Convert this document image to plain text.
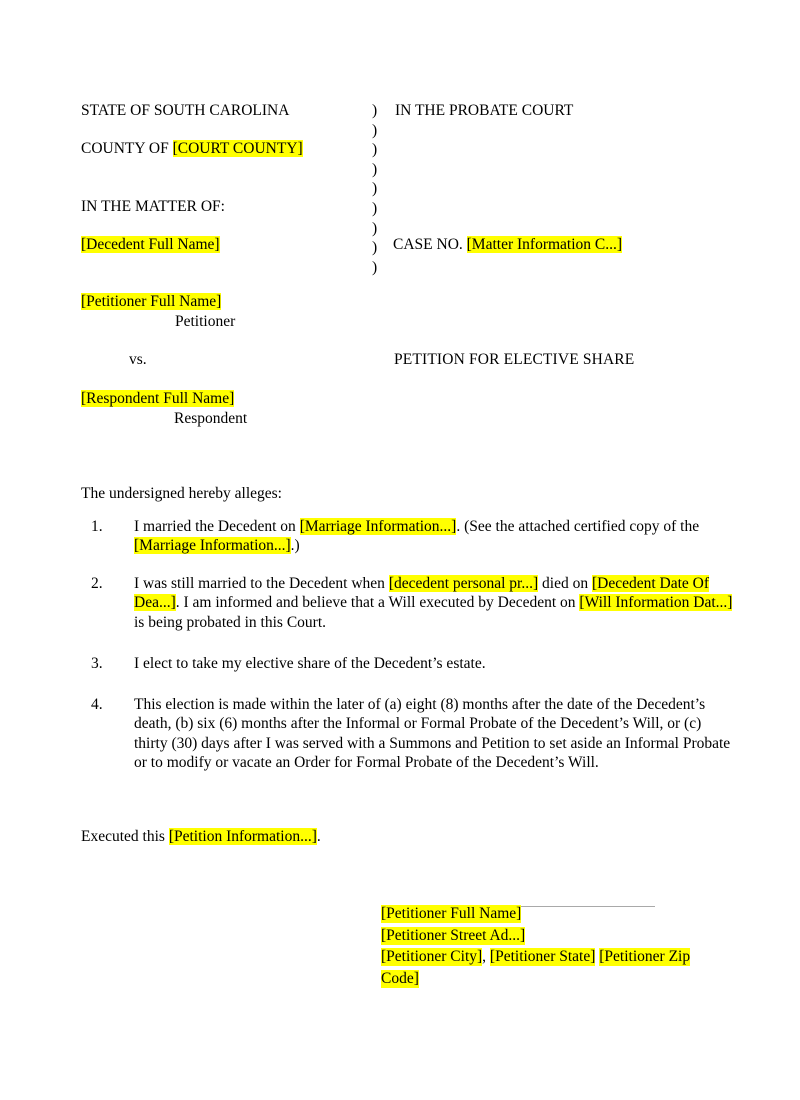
STATE OF SOUTH CAROLINA
COUNTY OF [COURT COUNTY]
IN THE MATTER OF:
[Decedent Full Name]
)
)
)
)
)
)
)
)
)
IN THE PROBATE COURT
CASE NO. [Matter Information C...]
[Petitioner Full Name]
Petitioner
vs.	PETITION FOR ELECTIVE SHARE
[Respondent Full Name]
Respondent
The undersigned hereby alleges:
1. I married the Decedent on [Marriage Information...]. (See the attached certified copy of the [Marriage Information...].)
2. I was still married to the Decedent when [decedent personal pr...] died on [Decedent Date Of Dea...]. I am informed and believe that a Will executed by Decedent on [Will Information Dat...] is being probated in this Court.
3. I elect to take my elective share of the Decedent’s estate.
4. This election is made within the later of (a) eight (8) months after the date of the Decedent’s death, (b) six (6) months after the Informal or Formal Probate of the Decedent’s Will, or (c) thirty (30) days after I was served with a Summons and Petition to set aside an Informal Probate or to modify or vacate an Order for Formal Probate of the Decedent’s Will.
Executed this [Petition Information...].
[Petitioner Full Name]
[Petitioner Street Ad...]
[Petitioner City], [Petitioner State] [Petitioner Zip Code]
